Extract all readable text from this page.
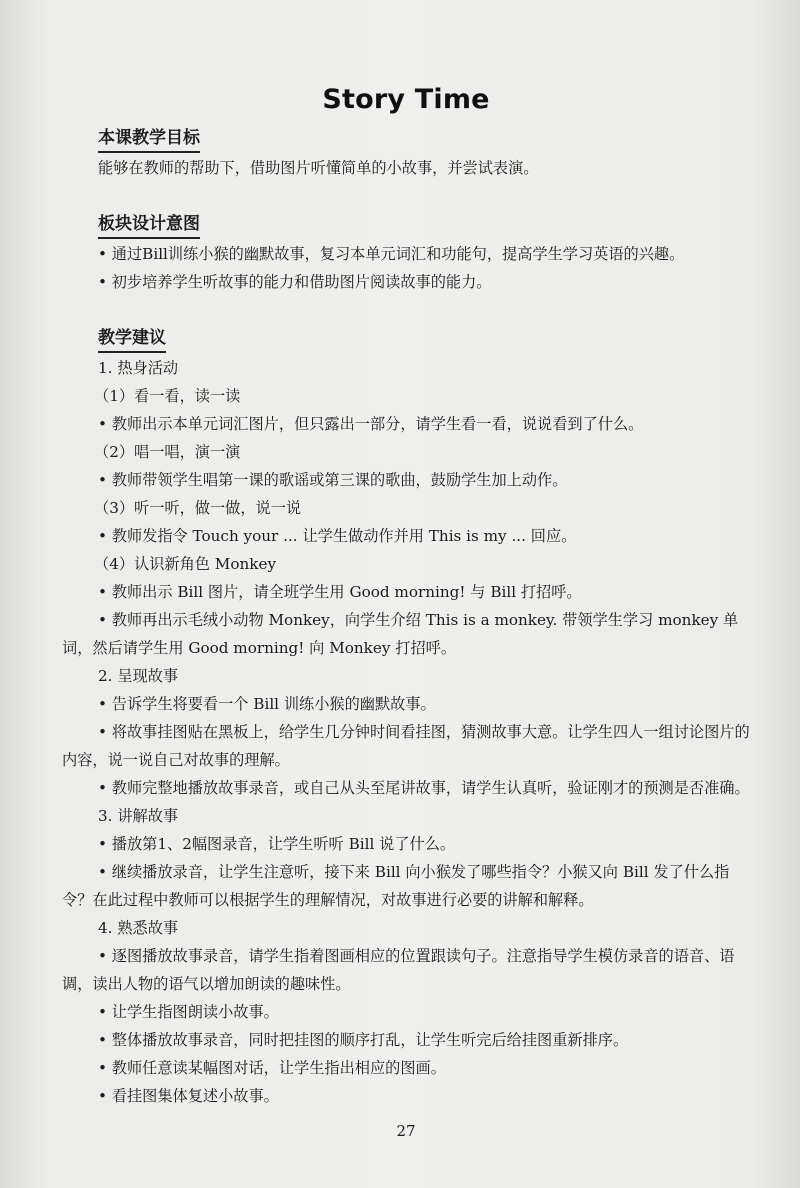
Story Time
本课教学目标

能够在教师的帮助下，借助图片听懂简单的小故事，并尝试表演。

板块设计意图

• 通过Bill训练小猴的幽默故事，复习本单元词汇和功能句，提高学生学习英语的兴趣。

• 初步培养学生听故事的能力和借助图片阅读故事的能力。

教学建议

1. 热身活动

（1）看一看，读一读

• 教师出示本单元词汇图片，但只露出一部分，请学生看一看，说说看到了什么。

（2）唱一唱，演一演

• 教师带领学生唱第一课的歌谣或第三课的歌曲，鼓励学生加上动作。

（3）听一听，做一做，说一说

• 教师发指令 Touch your ... 让学生做动作并用 This is my ... 回应。

（4）认识新角色 Monkey

• 教师出示 Bill 图片，请全班学生用 Good morning! 与 Bill 打招呼。

• 教师再出示毛绒小动物 Monkey，向学生介绍 This is a monkey. 带领学生学习 monkey 单词，然后请学生用 Good morning! 向 Monkey 打招呼。

2. 呈现故事

• 告诉学生将要看一个 Bill 训练小猴的幽默故事。

• 将故事挂图贴在黑板上，给学生几分钟时间看挂图，猜测故事大意。让学生四人一组讨论图片的内容，说一说自己对故事的理解。

• 教师完整地播放故事录音，或自己从头至尾讲故事，请学生认真听，验证刚才的预测是否准确。

3. 讲解故事

• 播放第1、2幅图录音，让学生听听 Bill 说了什么。

• 继续播放录音，让学生注意听，接下来 Bill 向小猴发了哪些指令？小猴又向 Bill 发了什么指令？在此过程中教师可以根据学生的理解情况，对故事进行必要的讲解和解释。

4. 熟悉故事

• 逐图播放故事录音，请学生指着图画相应的位置跟读句子。注意指导学生模仿录音的语音、语调，读出人物的语气以增加朗读的趣味性。

• 让学生指图朗读小故事。

• 整体播放故事录音，同时把挂图的顺序打乱，让学生听完后给挂图重新排序。

• 教师任意读某幅图对话，让学生指出相应的图画。

• 看挂图集体复述小故事。

27
